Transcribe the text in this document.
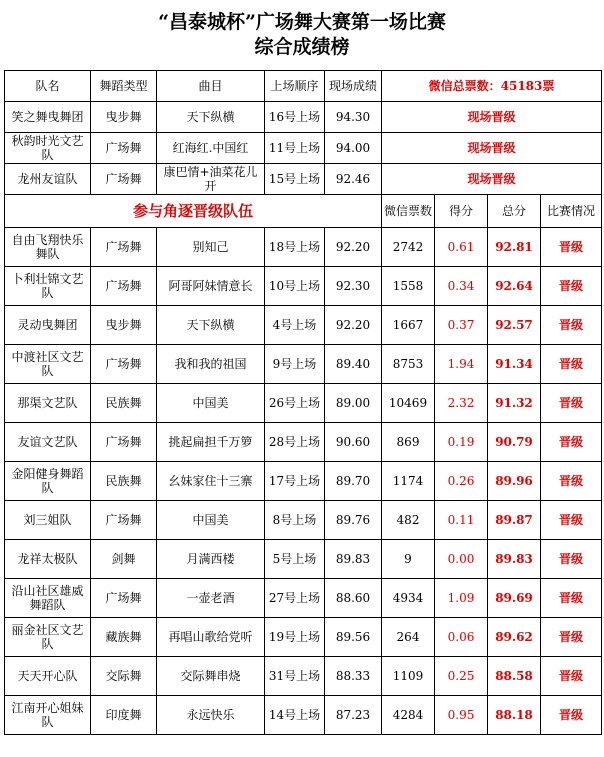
“昌泰城杯”广场舞大赛第一场比赛
综合成绩榜
队名	舞蹈类型	曲目	上场顺序	现场成绩	微信总票数：45183票			
笑之舞曳舞团	曳步舞	天下纵横	16号上场	94.30	现场晋级			
秋韵时光文艺队	广场舞	红海红.中国红	11号上场	94.00	现场晋级			
龙州友谊队	广场舞	康巴情+油菜花儿开	15号上场	92.46	现场晋级			
参与角逐晋级队伍					微信票数	得分	总分	比赛情况
自由飞翔快乐舞队	广场舞	别知己	18号上场	92.20	2742	0.61	92.81	晋级
卜利壮锦文艺队	广场舞	阿哥阿妹情意长	10号上场	92.30	1558	0.34	92.64	晋级
灵动曳舞团	曳步舞	天下纵横	4号上场	92.20	1667	0.37	92.57	晋级
中渡社区文艺队	广场舞	我和我的祖国	9号上场	89.40	8753	1.94	91.34	晋级
那渠文艺队	民族舞	中国美	26号上场	89.00	10469	2.32	91.32	晋级
友谊文艺队	广场舞	挑起扁担千万箩	28号上场	90.60	869	0.19	90.79	晋级
金阳健身舞蹈队	民族舞	幺妹家住十三寨	17号上场	89.70	1174	0.26	89.96	晋级
刘三姐队	广场舞	中国美	8号上场	89.76	482	0.11	89.87	晋级
龙祥太极队	剑舞	月满西楼	5号上场	89.83	9	0.00	89.83	晋级
沿山社区雄威舞蹈队	广场舞	一壶老酒	27号上场	88.60	4934	1.09	89.69	晋级
丽金社区文艺队	藏族舞	再唱山歌给党听	19号上场	89.56	264	0.06	89.62	晋级
天天开心队	交际舞	交际舞串烧	31号上场	88.33	1109	0.25	88.58	晋级
江南开心姐妹队	印度舞	永远快乐	14号上场	87.23	4284	0.95	88.18	晋级
